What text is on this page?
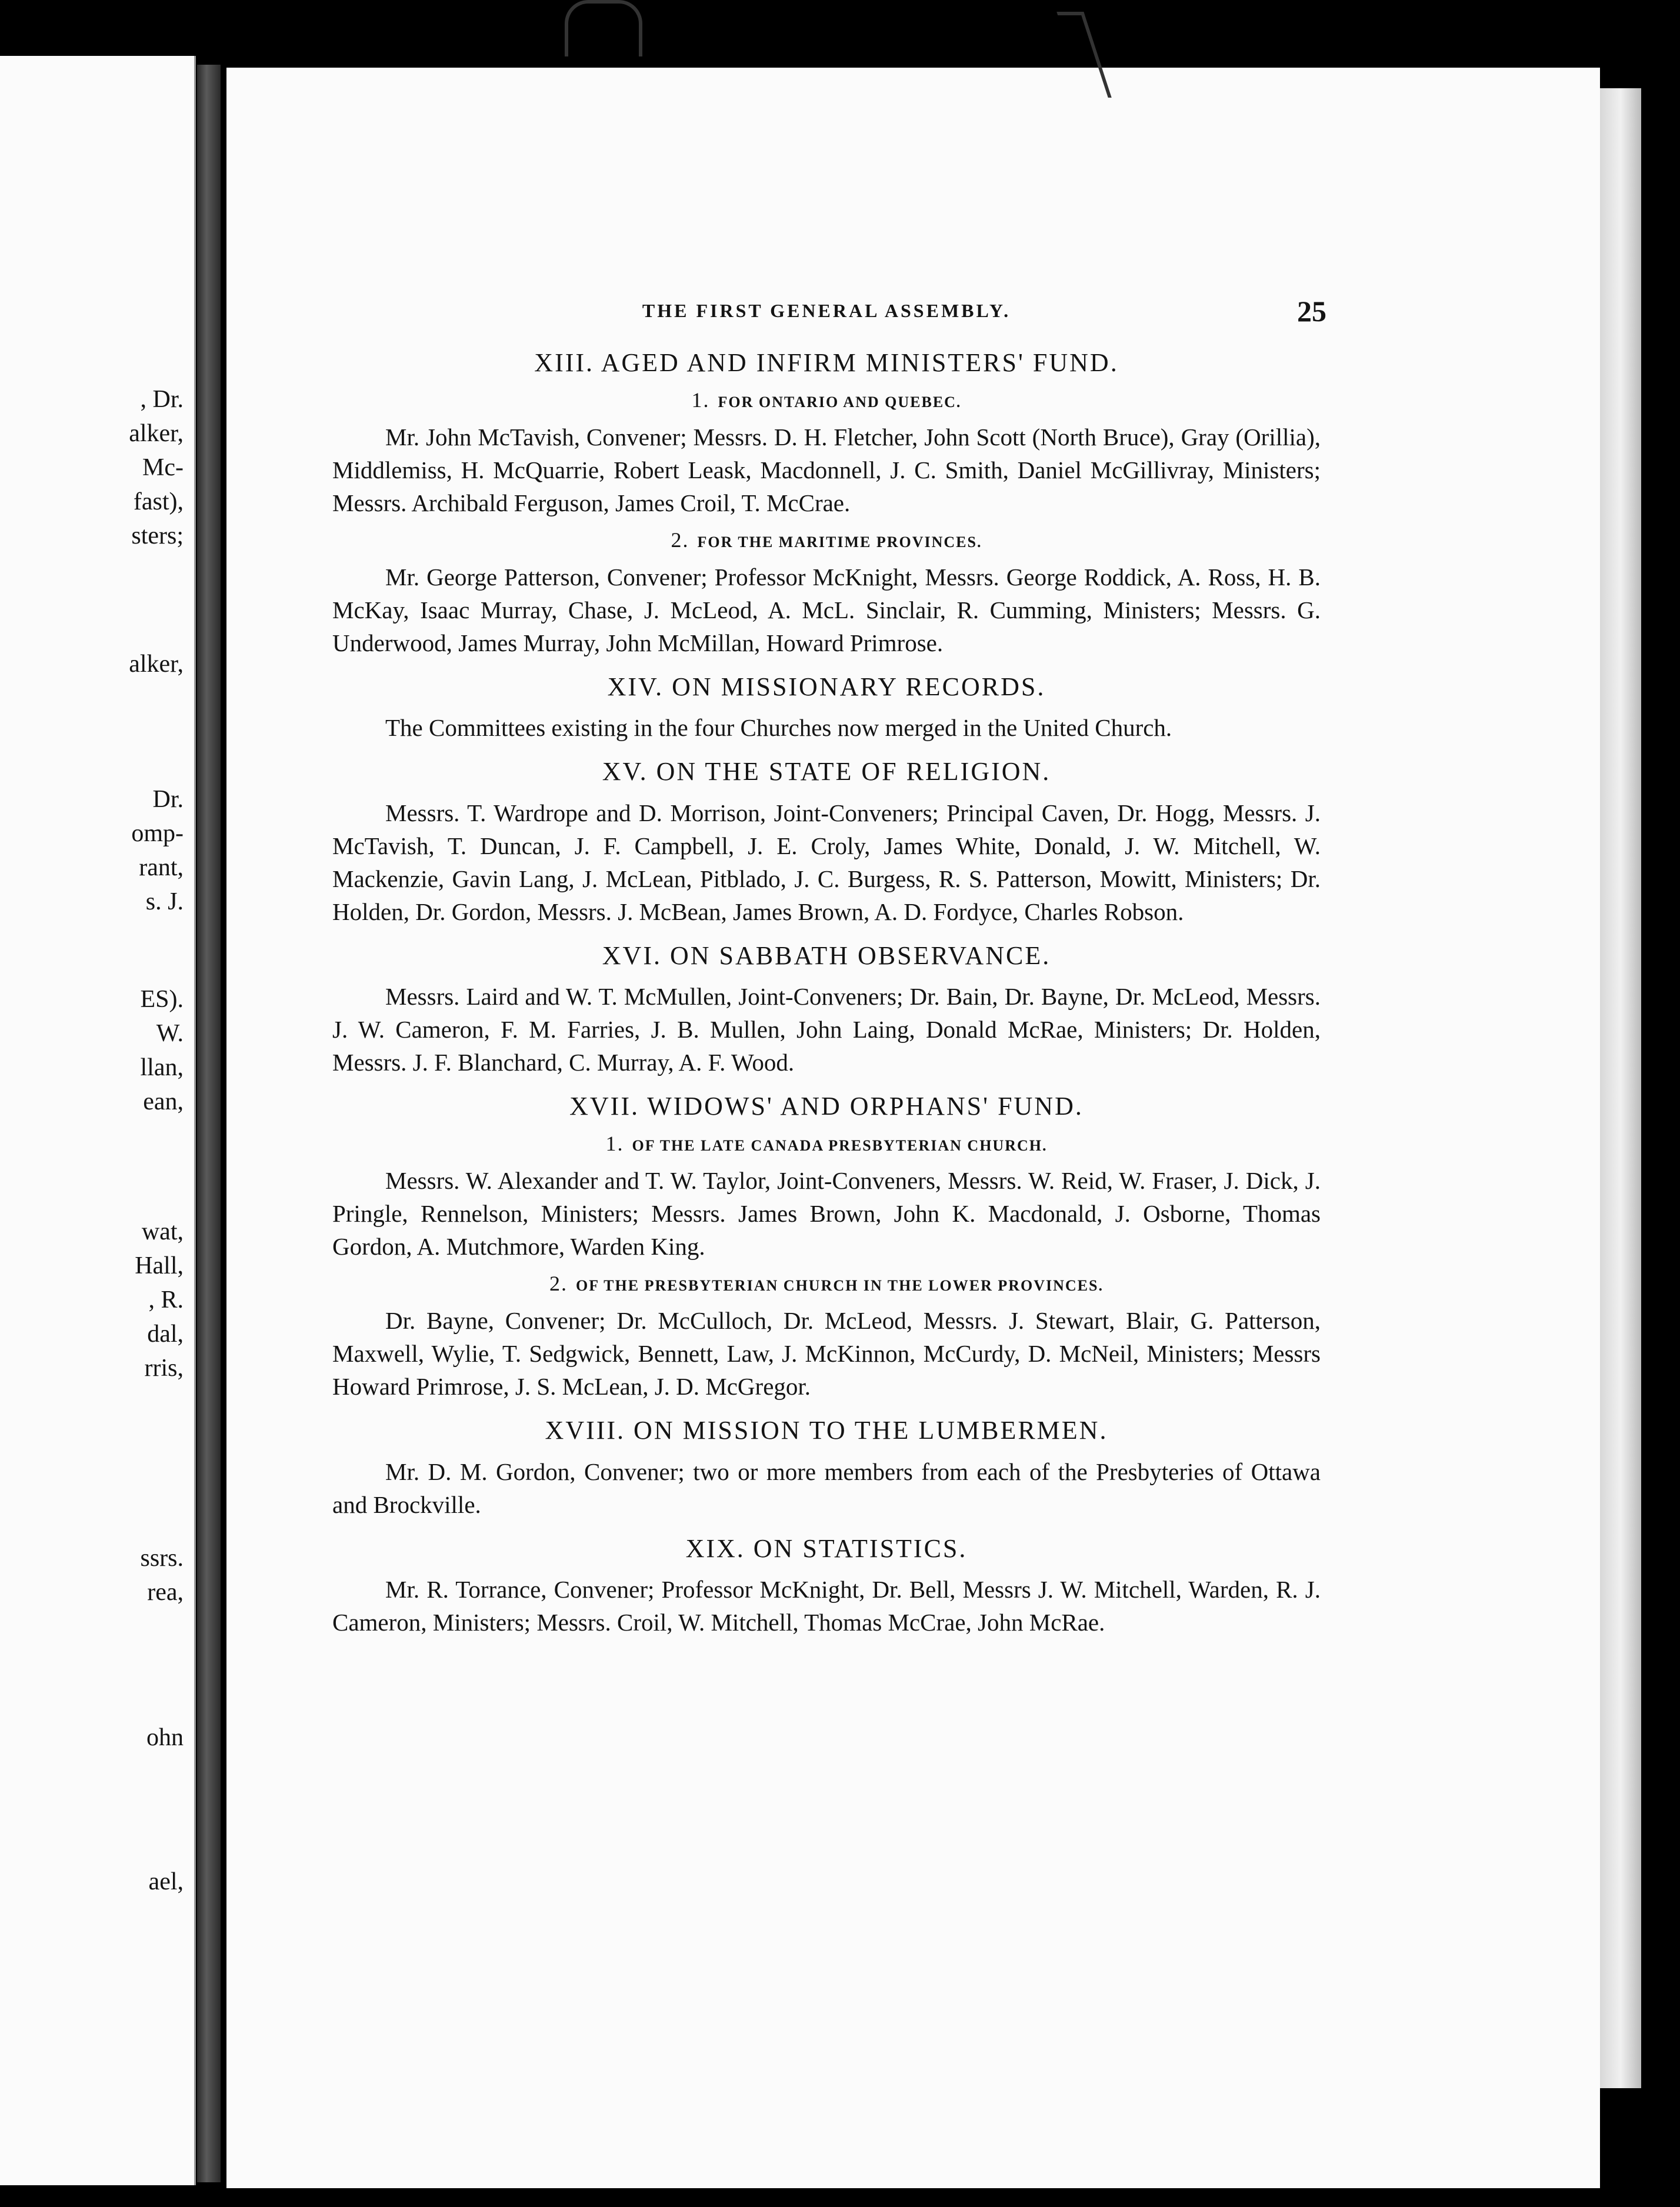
, Dr.
alker,
Mc-
fast),
sters;
alker,
Dr.
omp-
rant,
s. J.
ES).
W.
llan,
ean,
wat,
Hall,
, R.
dal,
rris,
ssrs.
rea,
ohn
ael,
THE FIRST GENERAL ASSEMBLY.	25
XIII. AGED AND INFIRM MINISTERS' FUND.
1. FOR ONTARIO AND QUEBEC.

Mr. John McTavish, Convener; Messrs. D. H. Fletcher, John Scott (North Bruce), Gray (Orillia), Middlemiss, H. McQuarrie, Robert Leask, Macdonnell, J. C. Smith, Daniel McGillivray, Ministers; Messrs. Archibald Ferguson, James Croil, T. McCrae.

2. FOR THE MARITIME PROVINCES.

Mr. George Patterson, Convener; Professor McKnight, Messrs. George Roddick, A. Ross, H. B. McKay, Isaac Murray, Chase, J. McLeod, A. McL. Sinclair, R. Cumming, Ministers; Messrs. G. Underwood, James Murray, John McMillan, Howard Primrose.

XIV. ON MISSIONARY RECORDS.

The Committees existing in the four Churches now merged in the United Church.

XV. ON THE STATE OF RELIGION.

Messrs. T. Wardrope and D. Morrison, Joint-Conveners; Principal Caven, Dr. Hogg, Messrs. J. McTavish, T. Duncan, J. F. Campbell, J. E. Croly, James White, Donald, J. W. Mitchell, W. Mackenzie, Gavin Lang, J. McLean, Pitblado, J. C. Burgess, R. S. Patterson, Mowitt, Ministers; Dr. Holden, Dr. Gordon, Messrs. J. McBean, James Brown, A. D. Fordyce, Charles Robson.

XVI. ON SABBATH OBSERVANCE.

Messrs. Laird and W. T. McMullen, Joint-Conveners; Dr. Bain, Dr. Bayne, Dr. McLeod, Messrs. J. W. Cameron, F. M. Farries, J. B. Mullen, John Laing, Donald McRae, Ministers; Dr. Holden, Messrs. J. F. Blanchard, C. Murray, A. F. Wood.

XVII. WIDOWS' AND ORPHANS' FUND.
1. OF THE LATE CANADA PRESBYTERIAN CHURCH.

Messrs. W. Alexander and T. W. Taylor, Joint-Conveners, Messrs. W. Reid, W. Fraser, J. Dick, J. Pringle, Rennelson, Ministers; Messrs. James Brown, John K. Macdonald, J. Osborne, Thomas Gordon, A. Mutchmore, Warden King.

2. OF THE PRESBYTERIAN CHURCH IN THE LOWER PROVINCES.

Dr. Bayne, Convener; Dr. McCulloch, Dr. McLeod, Messrs. J. Stewart, Blair, G. Patterson, Maxwell, Wylie, T. Sedgwick, Bennett, Law, J. McKinnon, McCurdy, D. McNeil, Ministers; Messrs Howard Primrose, J. S. McLean, J. D. McGregor.

XVIII. ON MISSION TO THE LUMBERMEN.

Mr. D. M. Gordon, Convener; two or more members from each of the Presbyteries of Ottawa and Brockville.

XIX. ON STATISTICS.

Mr. R. Torrance, Convener; Professor McKnight, Dr. Bell, Messrs J. W. Mitchell, Warden, R. J. Cameron, Ministers; Messrs. Croil, W. Mitchell, Thomas McCrae, John McRae.
